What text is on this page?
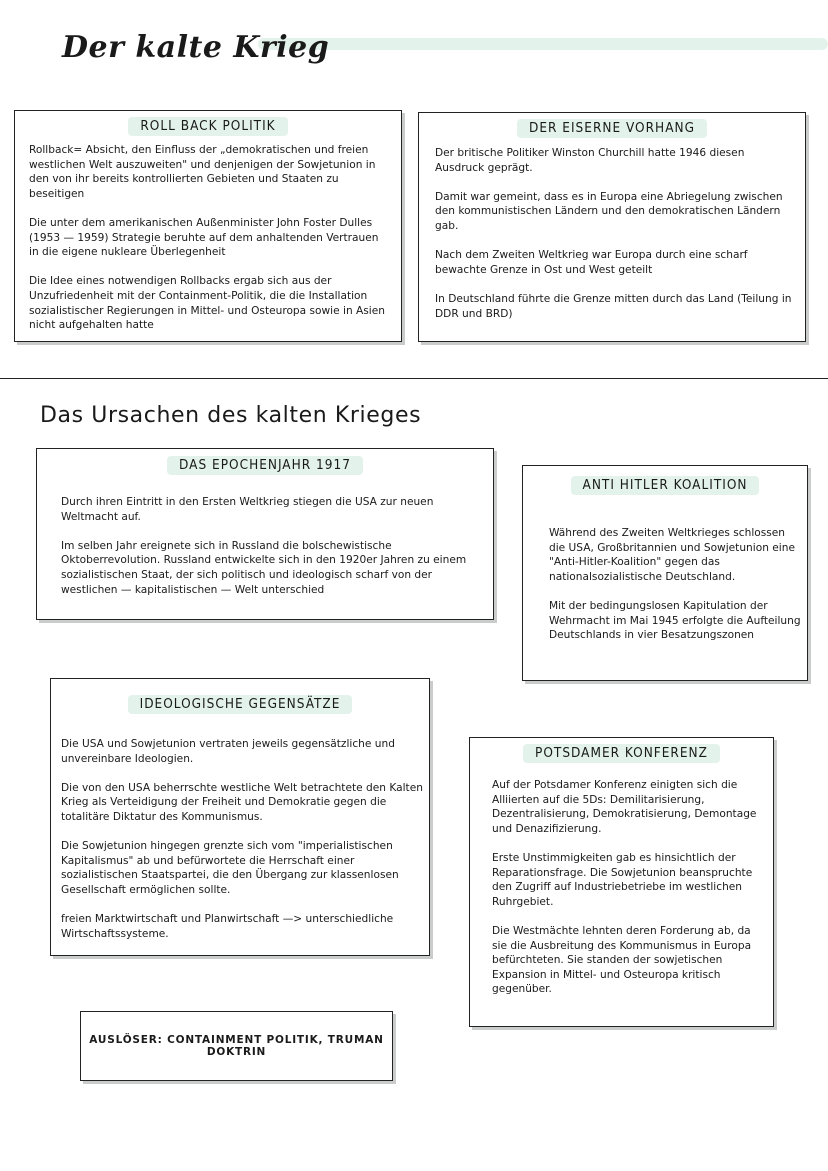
Der kalte Krieg
ROLL BACK POLITIK

Rollback= Absicht, den Einfluss der „demokratischen und freien westlichen Welt auszuweiten" und denjenigen der Sowjetunion in den von ihr bereits kontrollierten Gebieten und Staaten zu beseitigen

Die unter dem amerikanischen Außenminister John Foster Dulles (1953 — 1959) Strategie beruhte auf dem anhaltenden Vertrauen in die eigene nukleare Überlegenheit

Die Idee eines notwendigen Rollbacks ergab sich aus der Unzufriedenheit mit der Containment-Politik, die die Installation sozialistischer Regierungen in Mittel- und Osteuropa sowie in Asien nicht aufgehalten hatte

DER EISERNE VORHANG

Der britische Politiker Winston Churchill hatte 1946 diesen Ausdruck geprägt.

Damit war gemeint, dass es in Europa eine Abriegelung zwischen den kommunistischen Ländern und den demokratischen Ländern gab.

Nach dem Zweiten Weltkrieg war Europa durch eine scharf bewachte Grenze in Ost und West geteilt

In Deutschland führte die Grenze mitten durch das Land (Teilung in DDR und BRD)

Das Ursachen des kalten Krieges
DAS EPOCHENJAHR 1917

Durch ihren Eintritt in den Ersten Weltkrieg stiegen die USA zur neuen Weltmacht auf.

Im selben Jahr ereignete sich in Russland die bolschewistische Oktoberrevolution. Russland entwickelte sich in den 1920er Jahren zu einem sozialistischen Staat, der sich politisch und ideologisch scharf von der westlichen — kapitalistischen — Welt unterschied

ANTI HITLER KOALITION

Während des Zweiten Weltkrieges schlossen die USA, Großbritannien und Sowjetunion eine "Anti-Hitler-Koalition" gegen das nationalsozialistische Deutschland.

Mit der bedingungslosen Kapitulation der Wehrmacht im Mai 1945 erfolgte die Aufteilung Deutschlands in vier Besatzungszonen

IDEOLOGISCHE GEGENSÄTZE

Die USA und Sowjetunion vertraten jeweils gegensätzliche und unvereinbare Ideologien.

Die von den USA beherrschte westliche Welt betrachtete den Kalten Krieg als Verteidigung der Freiheit und Demokratie gegen die totalitäre Diktatur des Kommunismus.

Die Sowjetunion hingegen grenzte sich vom "imperialistischen Kapitalismus" ab und befürwortete die Herrschaft einer sozialistischen Staatspartei, die den Übergang zur klassenlosen Gesellschaft ermöglichen sollte.

freien Marktwirtschaft und Planwirtschaft —> unterschiedliche Wirtschaftssysteme.

POTSDAMER KONFERENZ

Auf der Potsdamer Konferenz einigten sich die Alliierten auf die 5Ds: Demilitarisierung, Dezentralisierung, Demokratisierung, Demontage und Denazifizierung.

Erste Unstimmigkeiten gab es hinsichtlich der Reparationsfrage. Die Sowjetunion beanspruchte den Zugriff auf Industriebetriebe im westlichen Ruhrgebiet.

Die Westmächte lehnten deren Forderung ab, da sie die Ausbreitung des Kommunismus in Europa befürchteten. Sie standen der sowjetischen Expansion in Mittel- und Osteuropa kritisch gegenüber.

AUSLÖSER: CONTAINMENT POLITIK, TRUMAN DOKTRIN
